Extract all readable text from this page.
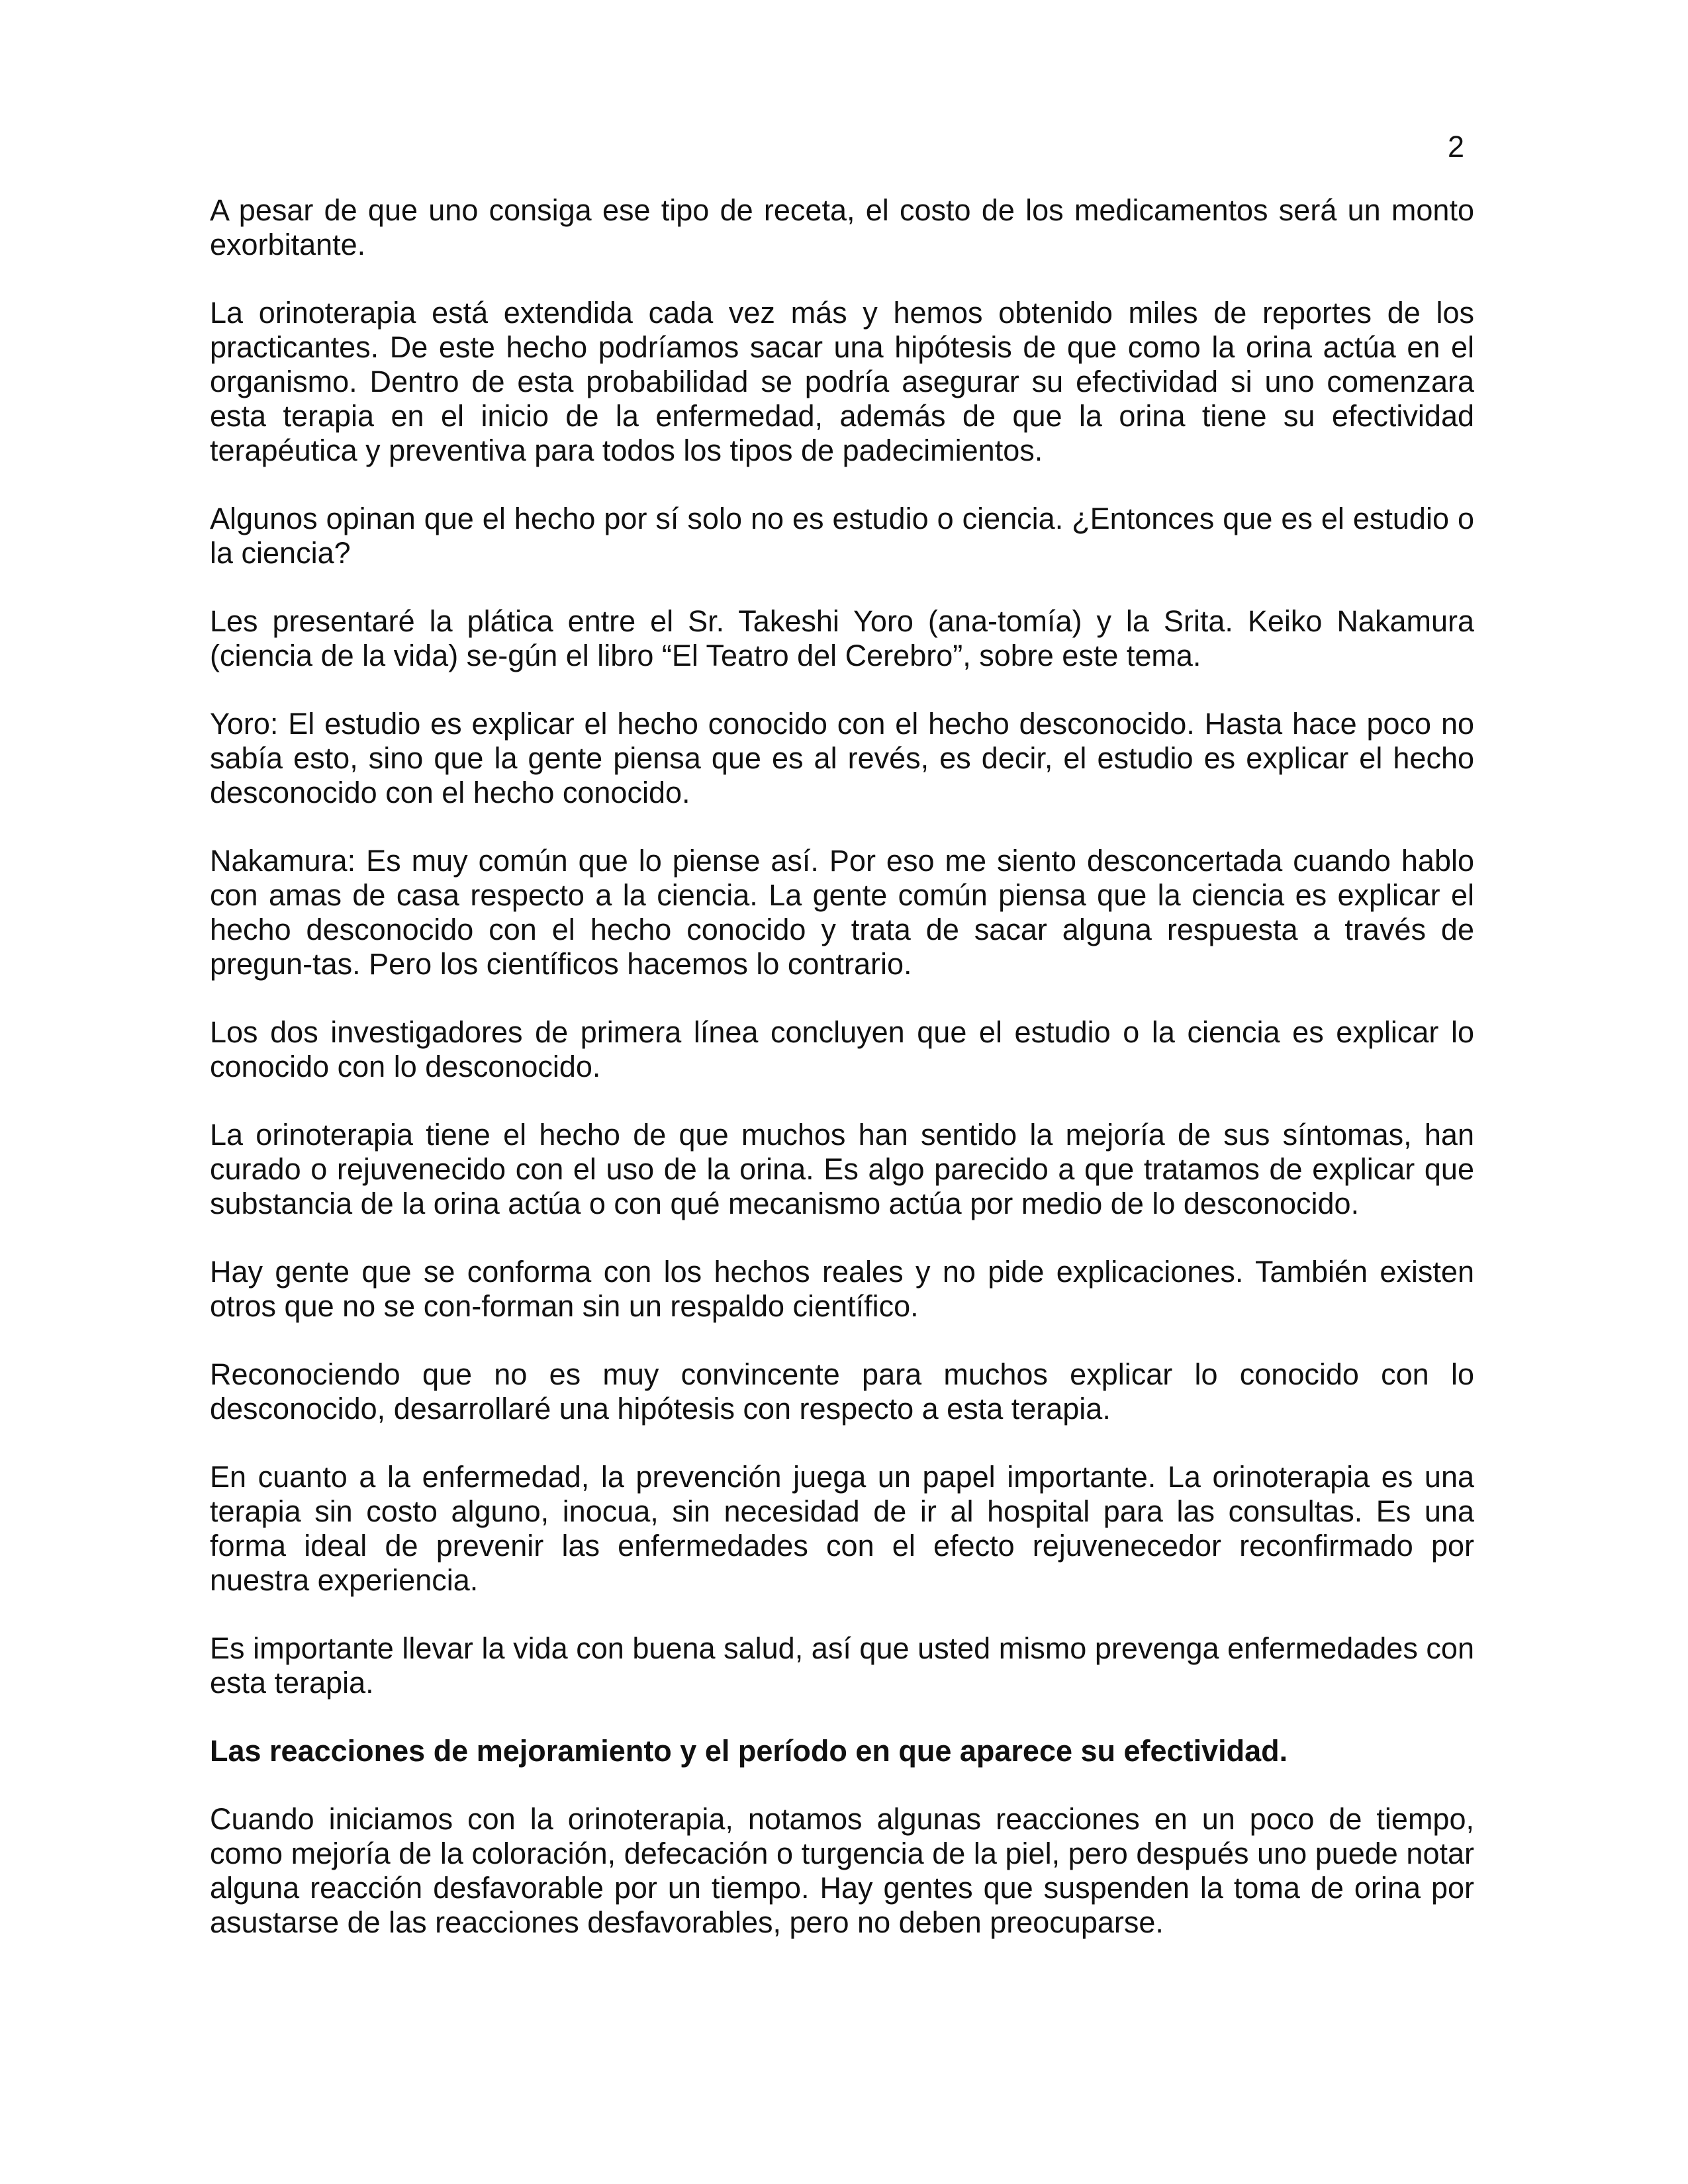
2

A pesar de que uno consiga ese tipo de receta, el costo de los medicamentos será un monto exorbitante.

La orinoterapia está extendida cada vez más y hemos obtenido miles de reportes de los practicantes. De este hecho podríamos sacar una hipótesis de que como la orina actúa en el organismo. Dentro de esta probabilidad se podría asegurar su efectividad si uno comenzara esta terapia en el inicio de la enfermedad, además de que la orina tiene su efectividad terapéutica y preventiva para todos los tipos de padecimientos.

Algunos opinan que el hecho por sí solo no es estudio o ciencia. ¿Entonces que es el estudio o la ciencia?

Les presentaré la plática entre el Sr. Takeshi Yoro (ana-tomía) y la Srita. Keiko Nakamura (ciencia de la vida) se-gún el libro “El Teatro del Cerebro”, sobre este tema.

Yoro: El estudio es explicar el hecho conocido con el hecho desconocido. Hasta hace poco no sabía esto, sino que la gente piensa que es al revés, es decir, el estudio es explicar el hecho desconocido con el hecho conocido.

Nakamura: Es muy común que lo piense así. Por eso me siento desconcertada cuando hablo con amas de casa respecto a la ciencia. La gente común piensa que la ciencia es explicar el hecho desconocido con el hecho conocido y trata de sacar alguna respuesta a través de pregun-tas. Pero los científicos hacemos lo contrario.

Los dos investigadores de primera línea concluyen que el estudio o la ciencia es explicar lo conocido con lo desconocido.

La orinoterapia tiene el hecho de que muchos han sentido la mejoría de sus síntomas, han curado o rejuvenecido con el uso de la orina. Es algo parecido a que tratamos de explicar que substancia de la orina actúa o con qué mecanismo actúa por medio de lo desconocido.

Hay gente que se conforma con los hechos reales y no pide explicaciones. También existen otros que no se con-forman sin un respaldo científico.

Reconociendo que no es muy convincente para muchos explicar lo conocido con lo desconocido, desarrollaré una hipótesis con respecto a esta terapia.

En cuanto a la enfermedad, la prevención juega un papel importante. La orinoterapia es una terapia sin costo alguno, inocua, sin necesidad de ir al hospital para las consultas. Es una forma ideal de prevenir las enfermedades con el efecto rejuvenecedor reconfirmado por nuestra experiencia.

Es importante llevar la vida con buena salud, así que usted mismo prevenga enfermedades con esta terapia.

Las reacciones de mejoramiento y el período en que aparece su efectividad.

Cuando iniciamos con la orinoterapia, notamos algunas reacciones en un poco de tiempo, como mejoría de la coloración, defecación o turgencia de la piel, pero después uno puede notar alguna reacción desfavorable por un tiempo. Hay gentes que suspenden la toma de orina por asustarse de las reacciones desfavorables, pero no deben preocuparse.
